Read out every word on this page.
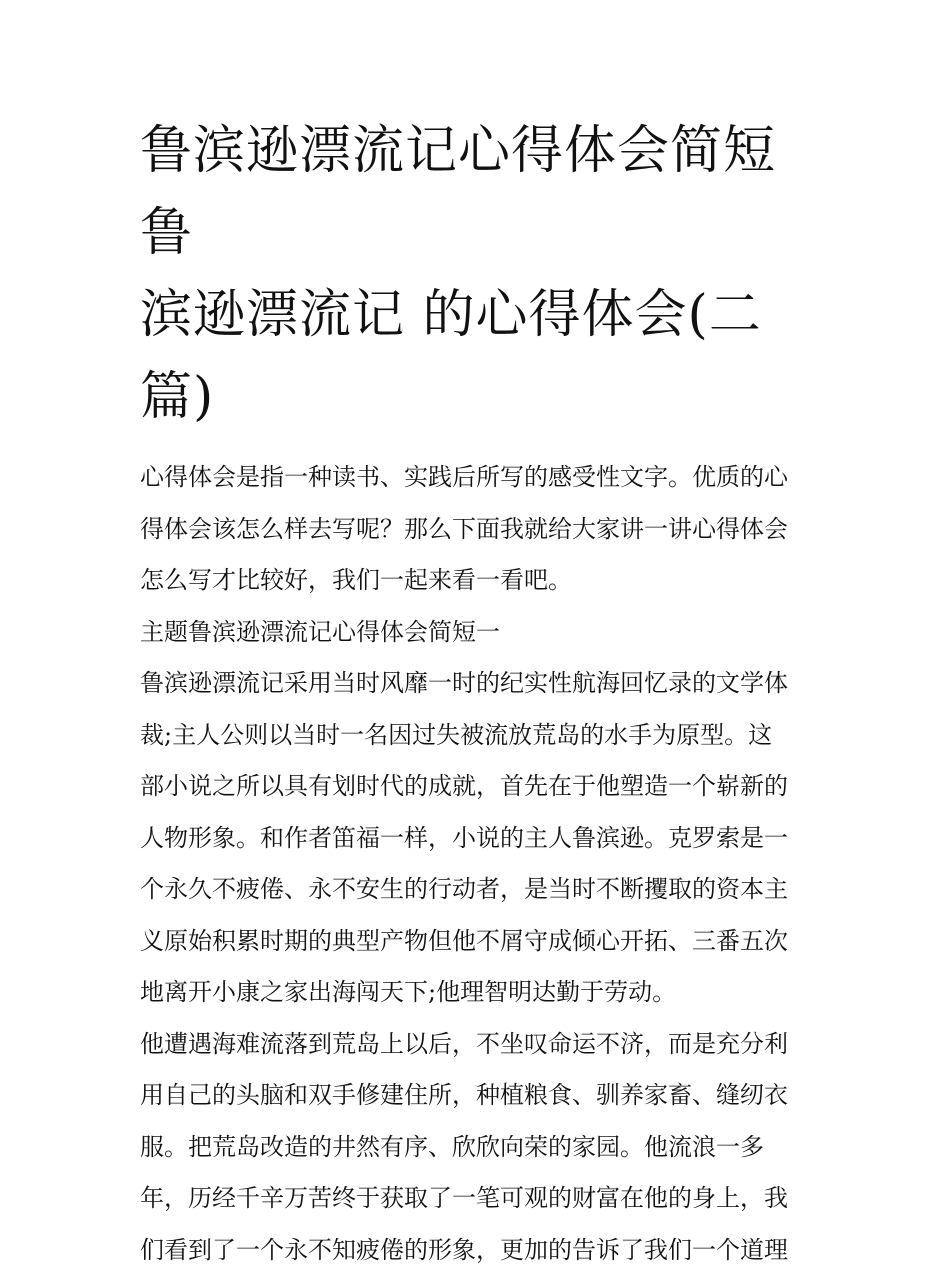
鲁滨逊漂流记心得体会简短 鲁
滨逊漂流记 的心得体会(二篇)
心得体会是指一种读书、实践后所写的感受性文字。优质的心
得体会该怎么样去写呢？那么下面我就给大家讲一讲心得体会
怎么写才比较好，我们一起来看一看吧。
主题鲁滨逊漂流记心得体会简短一
鲁滨逊漂流记采用当时风靡一时的纪实性航海回忆录的文学体
裁;主人公则以当时一名因过失被流放荒岛的水手为原型。这
部小说之所以具有划时代的成就，首先在于他塑造一个崭新的
人物形象。和作者笛福一样，小说的主人鲁滨逊。克罗索是一
个永久不疲倦、永不安生的行动者，是当时不断攫取的资本主
义原始积累时期的典型产物但他不屑守成倾心开拓、三番五次
地离开小康之家出海闯天下;他理智明达勤于劳动。
他遭遇海难流落到荒岛上以后，不坐叹命运不济，而是充分利
用自己的头脑和双手修建住所，种植粮食、驯养家畜、缝纫衣
服。把荒岛改造的井然有序、欣欣向荣的家园。他流浪一多
年，历经千辛万苦终于获取了一笔可观的财富在他的身上，我
们看到了一个永不知疲倦的形象，更加的告诉了我们一个道理
